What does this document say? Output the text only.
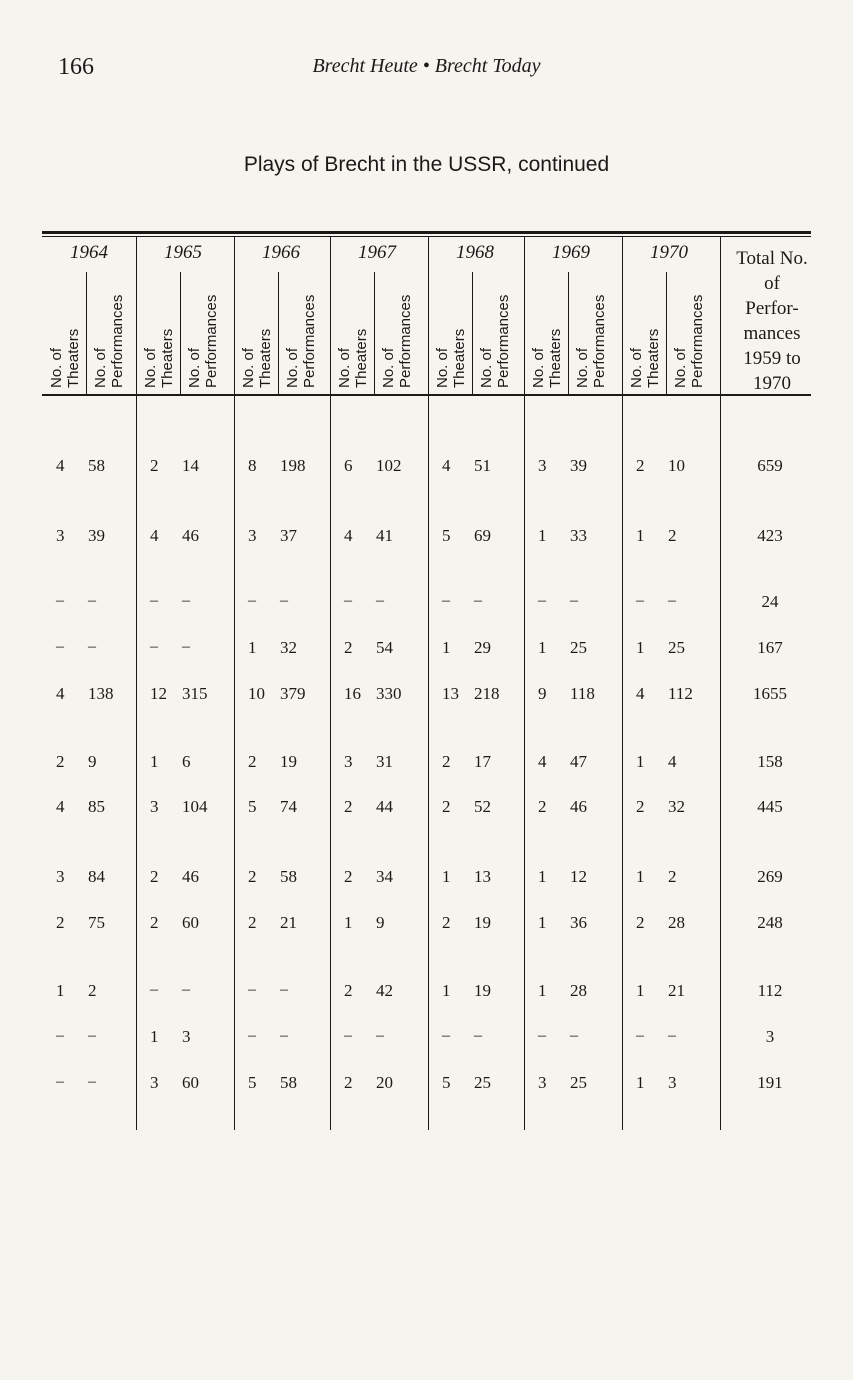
166	Brecht Heute • Brecht Today
Plays of Brecht in the USSR, continued
Total No.
of
Perfor-
mances
1959 to
1970
1964	1965	1966	1967	1968	1969	1970
No. of Theaters No. of Performances No. of Theaters No. of Performances No. of Theaters No. of Performances No. of Theaters No. of Performances No. of Theaters No. of Performances No. of Theaters No. of Performances No. of Theaters No. of Performances
4 58	2 14	8 198	6 102	4 51	3 39	2 10	659
3 39	4 46	3 37	4 41	5 69	1 33	1 2	423
– –	– –	– –	– –	– –	– –	– –	24
– –	– –	1 32	2 54	1 29	1 25	1 25	167
4 138	12 315	10 379	16 330	13 218	9 118	4 112	1655
2 9	1 6	2 19	3 31	2 17	4 47	1 4	158
4 85	3 104	5 74	2 44	2 52	2 46	2 32	445
3 84	2 46	2 58	2 34	1 13	1 12	1 2	269
2 75	2 60	2 21	1 9	2 19	1 36	2 28	248
1 2	– –	– –	2 42	1 19	1 28	1 21	112
– –	1 3	– –	– –	– –	– –	– –	3
– –	3 60	5 58	2 20	5 25	3 25	1 3	191
